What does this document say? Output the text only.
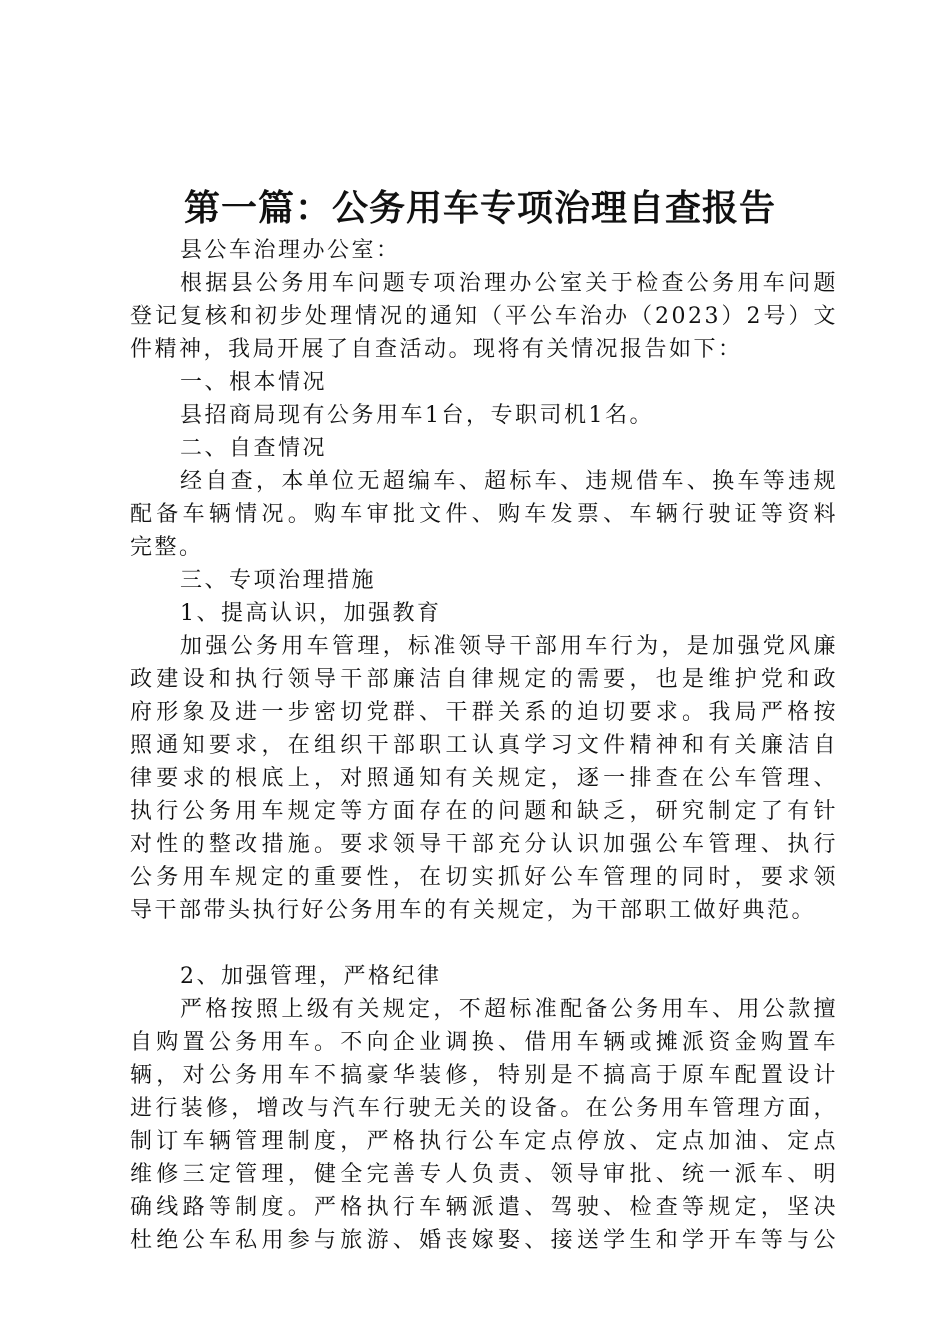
第一篇：公务用车专项治理自查报告
县公车治理办公室：
根据县公务用车问题专项治理办公室关于检查公务用车问题
登记复核和初步处理情况的通知（平公车治办（2023）2号）文
件精神，我局开展了自查活动。现将有关情况报告如下：
一、根本情况
县招商局现有公务用车1台，专职司机1名。
二、自查情况
经自查，本单位无超编车、超标车、违规借车、换车等违规
配备车辆情况。购车审批文件、购车发票、车辆行驶证等资料
完整。
三、专项治理措施
1、提高认识，加强教育
加强公务用车管理，标准领导干部用车行为，是加强党风廉
政建设和执行领导干部廉洁自律规定的需要，也是维护党和政
府形象及进一步密切党群、干群关系的迫切要求。我局严格按
照通知要求，在组织干部职工认真学习文件精神和有关廉洁自
律要求的根底上，对照通知有关规定，逐一排查在公车管理、
执行公务用车规定等方面存在的问题和缺乏，研究制定了有针
对性的整改措施。要求领导干部充分认识加强公车管理、执行
公务用车规定的重要性，在切实抓好公车管理的同时，要求领
导干部带头执行好公务用车的有关规定，为干部职工做好典范。
2、加强管理，严格纪律
严格按照上级有关规定，不超标准配备公务用车、用公款擅
自购置公务用车。不向企业调换、借用车辆或摊派资金购置车
辆，对公务用车不搞豪华装修，特别是不搞高于原车配置设计
进行装修，增改与汽车行驶无关的设备。在公务用车管理方面，
制订车辆管理制度，严格执行公车定点停放、定点加油、定点
维修三定管理，健全完善专人负责、领导审批、统一派车、明
确线路等制度。严格执行车辆派遣、驾驶、检查等规定，坚决
杜绝公车私用参与旅游、婚丧嫁娶、接送学生和学开车等与公
